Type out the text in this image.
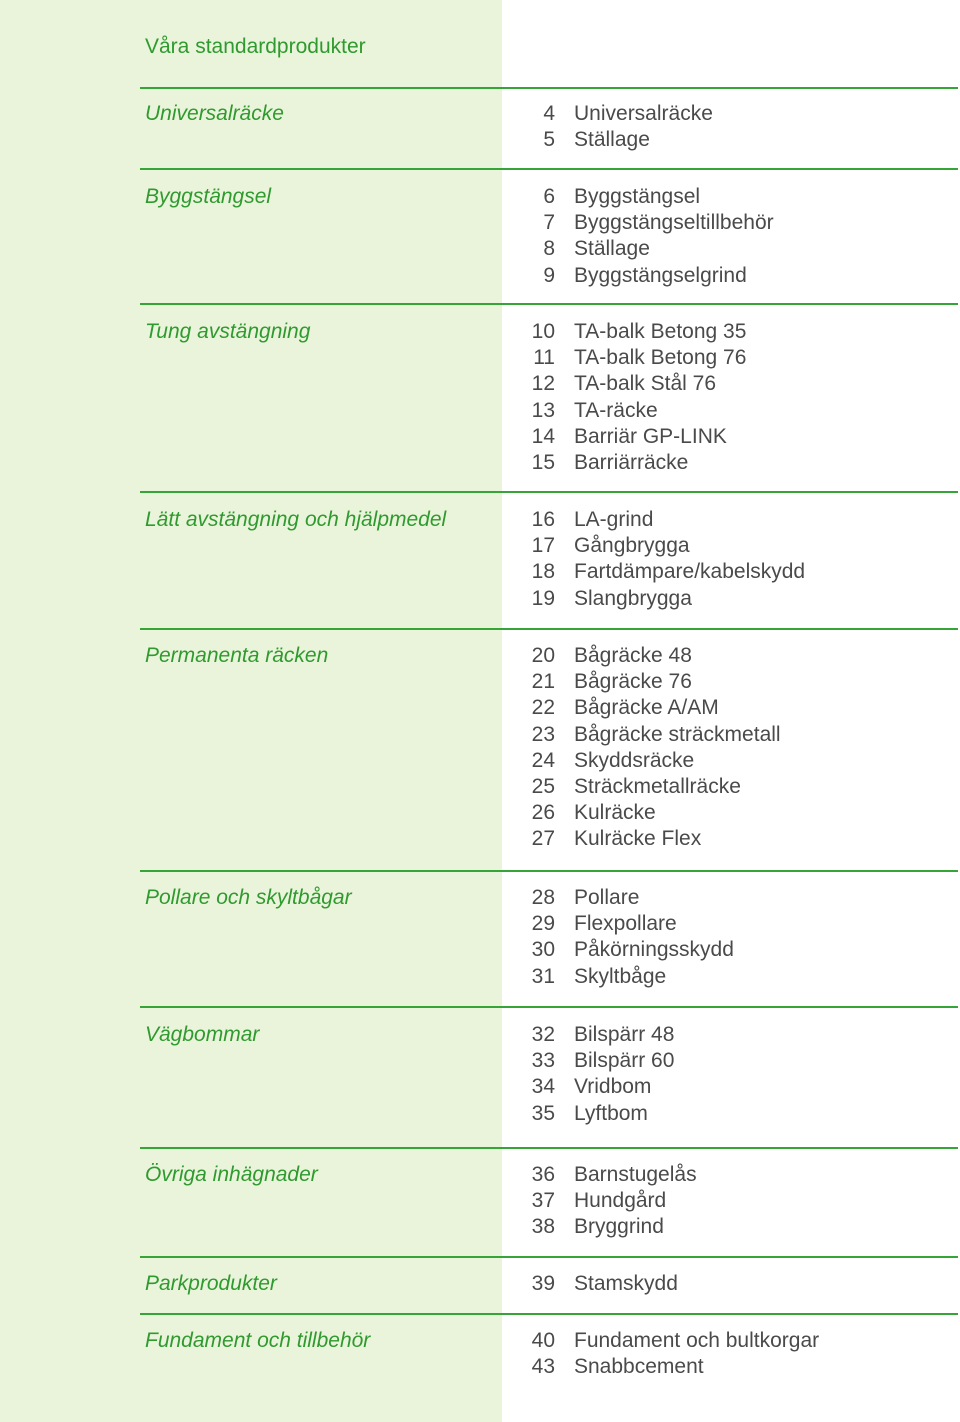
Våra standardprodukter
Universalräcke	4 Universalräcke
5 Ställage
Byggstängsel	6 Byggstängsel
7 Byggstängseltillbehör
8 Ställage
9 Byggstängselgrind
Tung avstängning	10 TA-balk Betong 35
11 TA-balk Betong 76
12 TA-balk Stål 76
13 TA-räcke
14 Barriär GP-LINK
15 Barriärräcke
Lätt avstängning och hjälpmedel	16 LA-grind
17 Gångbrygga
18 Fartdämpare/kabelskydd
19 Slangbrygga
Permanenta räcken	20 Bågräcke 48
21 Bågräcke 76
22 Bågräcke A/AM
23 Bågräcke sträckmetall
24 Skyddsräcke
25 Sträckmetallräcke
26 Kulräcke
27 Kulräcke Flex
Pollare och skyltbågar	28 Pollare
29 Flexpollare
30 Påkörningsskydd
31 Skyltbåge
Vägbommar	32 Bilspärr 48
33 Bilspärr 60
34 Vridbom
35 Lyftbom
Övriga inhägnader	36 Barnstugelås
37 Hundgård
38 Bryggrind
Parkprodukter	39 Stamskydd
Fundament och tillbehör	40 Fundament och bultkorgar
43 Snabbcement
